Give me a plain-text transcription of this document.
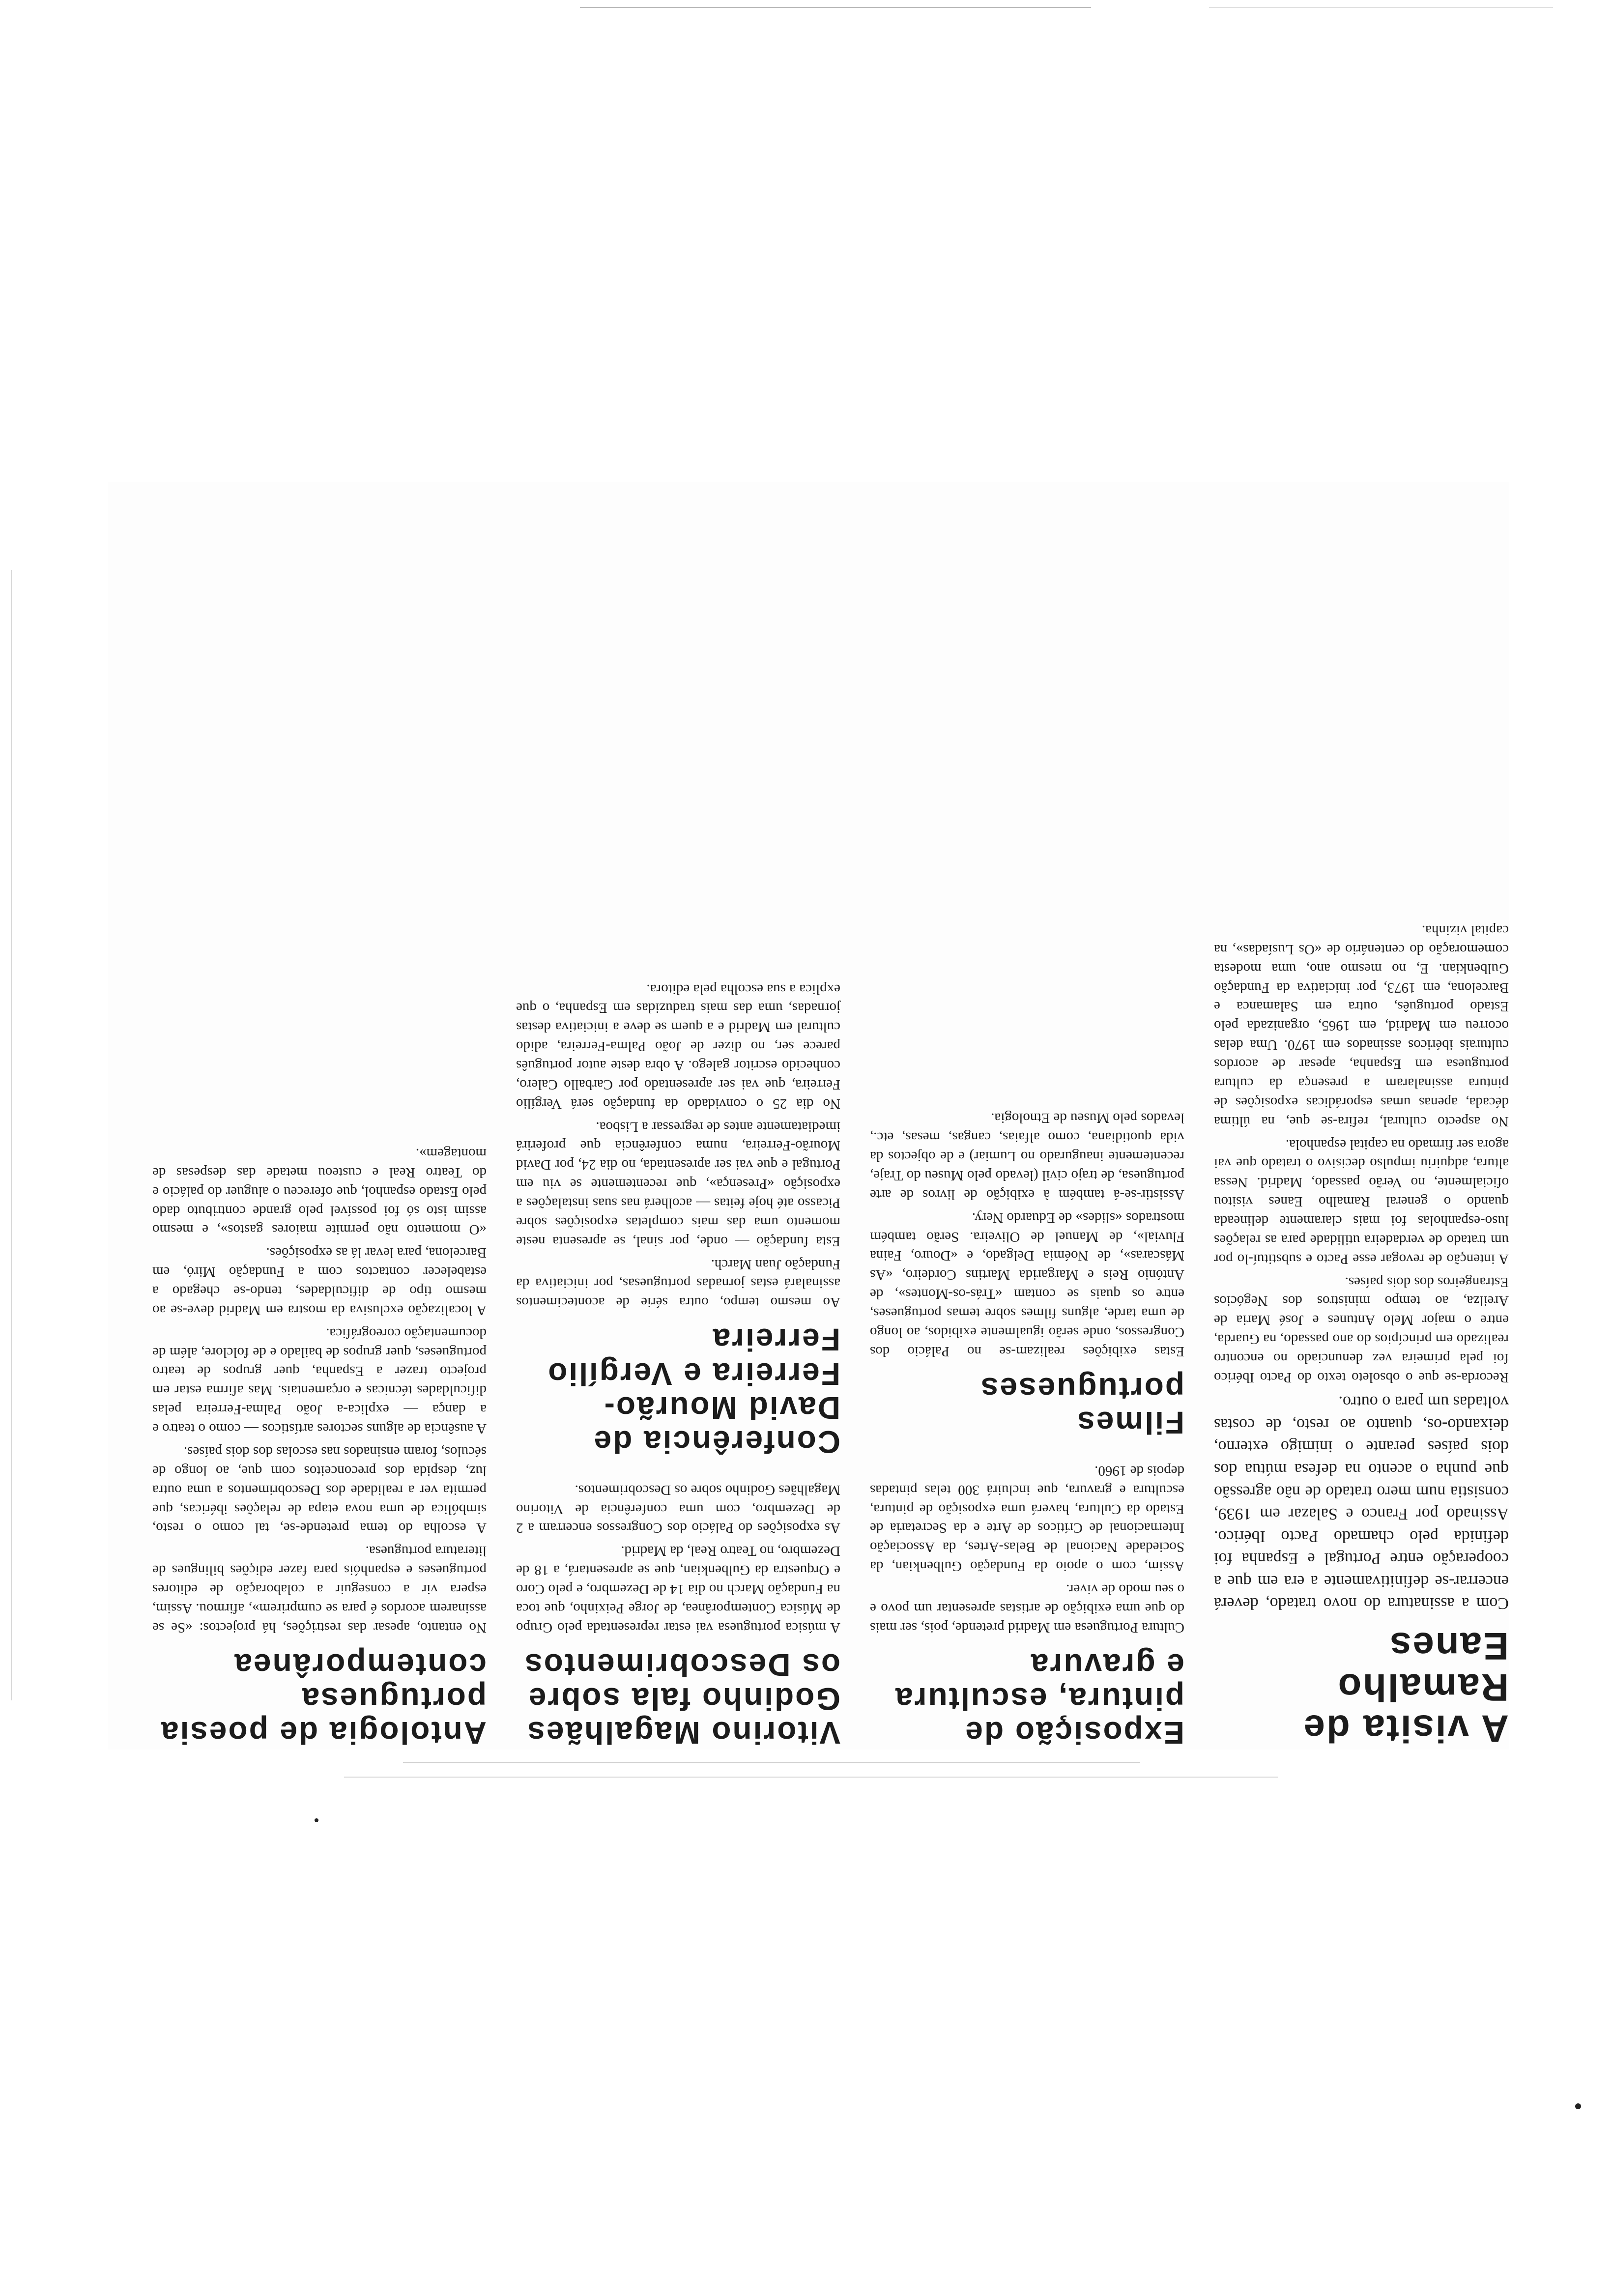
A visita de Ramalho Eanes

Com a assinatura do novo tratado, deverá encerrar-se definitivamente a era em que a cooperação entre Portugal e Espanha foi definida pelo chamado Pacto Ibérico. Assinado por Franco e Salazar em 1939, consistia num mero tratado de não agressão que punha o acento na defesa mútua dos dois países perante o inimigo externo, deixando-os, quanto ao resto, de costas voltadas um para o outro.

Recorda-se que o obsoleto texto do Pacto Ibérico foi pela primeira vez denunciado no encontro realizado em princípios do ano passado, na Guarda, entre o major Melo Antunes e José Maria de Areilza, ao tempo ministros dos Negócios Estrangeiros dos dois países.

A intenção de revogar esse Pacto e substituí-lo por um tratado de verdadeira utilidade para as relações luso-espanholas foi mais claramente delineada quando o general Ramalho Eanes visitou oficialmente, no Verão passado, Madrid. Nessa altura, adquiriu impulso decisivo o tratado que vai agora ser firmado na capital espanhola.

No aspecto cultural, refira-se que, na última década, apenas umas esporádicas exposições de pintura assinalaram a presença da cultura portuguesa em Espanha, apesar de acordos culturais ibéricos assinados em 1970. Uma delas ocorreu em Madrid, em 1965, organizada pelo Estado português, outra em Salamanca e Barcelona, em 1973, por iniciativa da Fundação Gulbenkian. E, no mesmo ano, uma modesta comemoração do centenário de «Os Lusíadas», na capital vizinha.

Exposição de pintura, escultura e gravura

Cultura Portuguesa em Madrid pretende, pois, ser mais do que uma exibição de artistas apresentar um povo e o seu modo de viver.

Assim, com o apoio da Fundação Gulbenkian, da Sociedade Nacional de Belas-Artes, da Associação Internacional de Críticos de Arte e da Secretaria de Estado da Cultura, haverá uma exposição de pintura, escultura e gravura, que incluirá 300 telas pintadas depois de 1960.

Filmes portugueses

Estas exibições realizam-se no Palácio dos Congressos, onde serão igualmente exibidos, ao longo de uma tarde, alguns filmes sobre temas portugueses, entre os quais se contam «Trás-os-Montes», de António Reis e Margarida Martins Cordeiro, «As Máscaras», de Noémia Delgado, e «Douro, Faina Fluvial», de Manuel de Oliveira. Serão também mostrados «slides» de Eduardo Nery.

Assistir-se-á também à exibição de livros de arte portuguesa, de trajo civil (levado pelo Museu do Traje, recentemente inaugurado no Lumiar) e de objectos da vida quotidiana, como alfaias, cangas, mesas, etc., levados pelo Museu de Etnologia.

Vitorino Magalhães Godinho fala sobre os Descobrimentos

A música portuguesa vai estar representada pelo Grupo de Música Contemporânea, de Jorge Peixinho, que toca na Fundação March no dia 14 de Dezembro, e pelo Coro e Orquestra da Gulbenkian, que se apresentará, a 18 de Dezembro, no Teatro Real, da Madrid.

As exposições do Palácio dos Congressos encerram a 2 de Dezembro, com uma conferência de Vitorino Magalhães Godinho sobre os Descobrimentos.

Conferência de David Mourão-Ferreira e Vergílio Ferreira

Ao mesmo tempo, outra série de acontecimentos assinalará estas jornadas portuguesas, por iniciativa da Fundação Juan March.

Esta fundação — onde, por sinal, se apresenta neste momento uma das mais completas exposições sobre Picasso até hoje feitas — acolherá nas suas instalações a exposição «Presença», que recentemente se viu em Portugal e que vai ser apresentada, no dia 24, por David Mourão-Ferreira, numa conferência que proferirá imediatamente antes de regressar a Lisboa.

No dia 25 o convidado da fundação será Vergílio Ferreira, que vai ser apresentado por Carballo Calero, conhecido escritor galego. A obra deste autor português parece ser, no dizer de João Palma-Ferreira, adido cultural em Madrid e a quem se deve a iniciativa destas jornadas, uma das mais traduzidas em Espanha, o que explica a sua escolha pela editora.

Antologia de poesia portuguesa contemporânea

No entanto, apesar das restrições, há projectos: «Se se assinarem acordos é para se cumprirem», afirmou. Assim, espera vir a conseguir a colaboração de editores portugueses e espanhóis para fazer edições bilingues de literatura portuguesa.

A escolha do tema pretende-se, tal como o resto, simbólica de uma nova etapa de relações ibéricas, que permita ver a realidade dos Descobrimentos a uma outra luz, despida dos preconceitos com que, ao longo de séculos, foram ensinados nas escolas dos dois países.

A ausência de alguns sectores artísticos — como o teatro e a dança — explica-a João Palma-Ferreira pelas dificuldades técnicas e orçamentais. Mas afirma estar em projecto trazer a Espanha, quer grupos de teatro portugueses, quer grupos de bailado e de folclore, além de documentação coreográfica.

A localização exclusiva da mostra em Madrid deve-se ao mesmo tipo de dificuldades, tendo-se chegado a estabelecer contactos com a Fundação Miró, em Barcelona, para levar lá as exposições.

«O momento não permite maiores gastos», e mesmo assim isto só foi possível pelo grande contributo dado pelo Estado espanhol, que ofereceu o aluguer do palácio e do Teatro Real e custeou metade das despesas de montagem».
